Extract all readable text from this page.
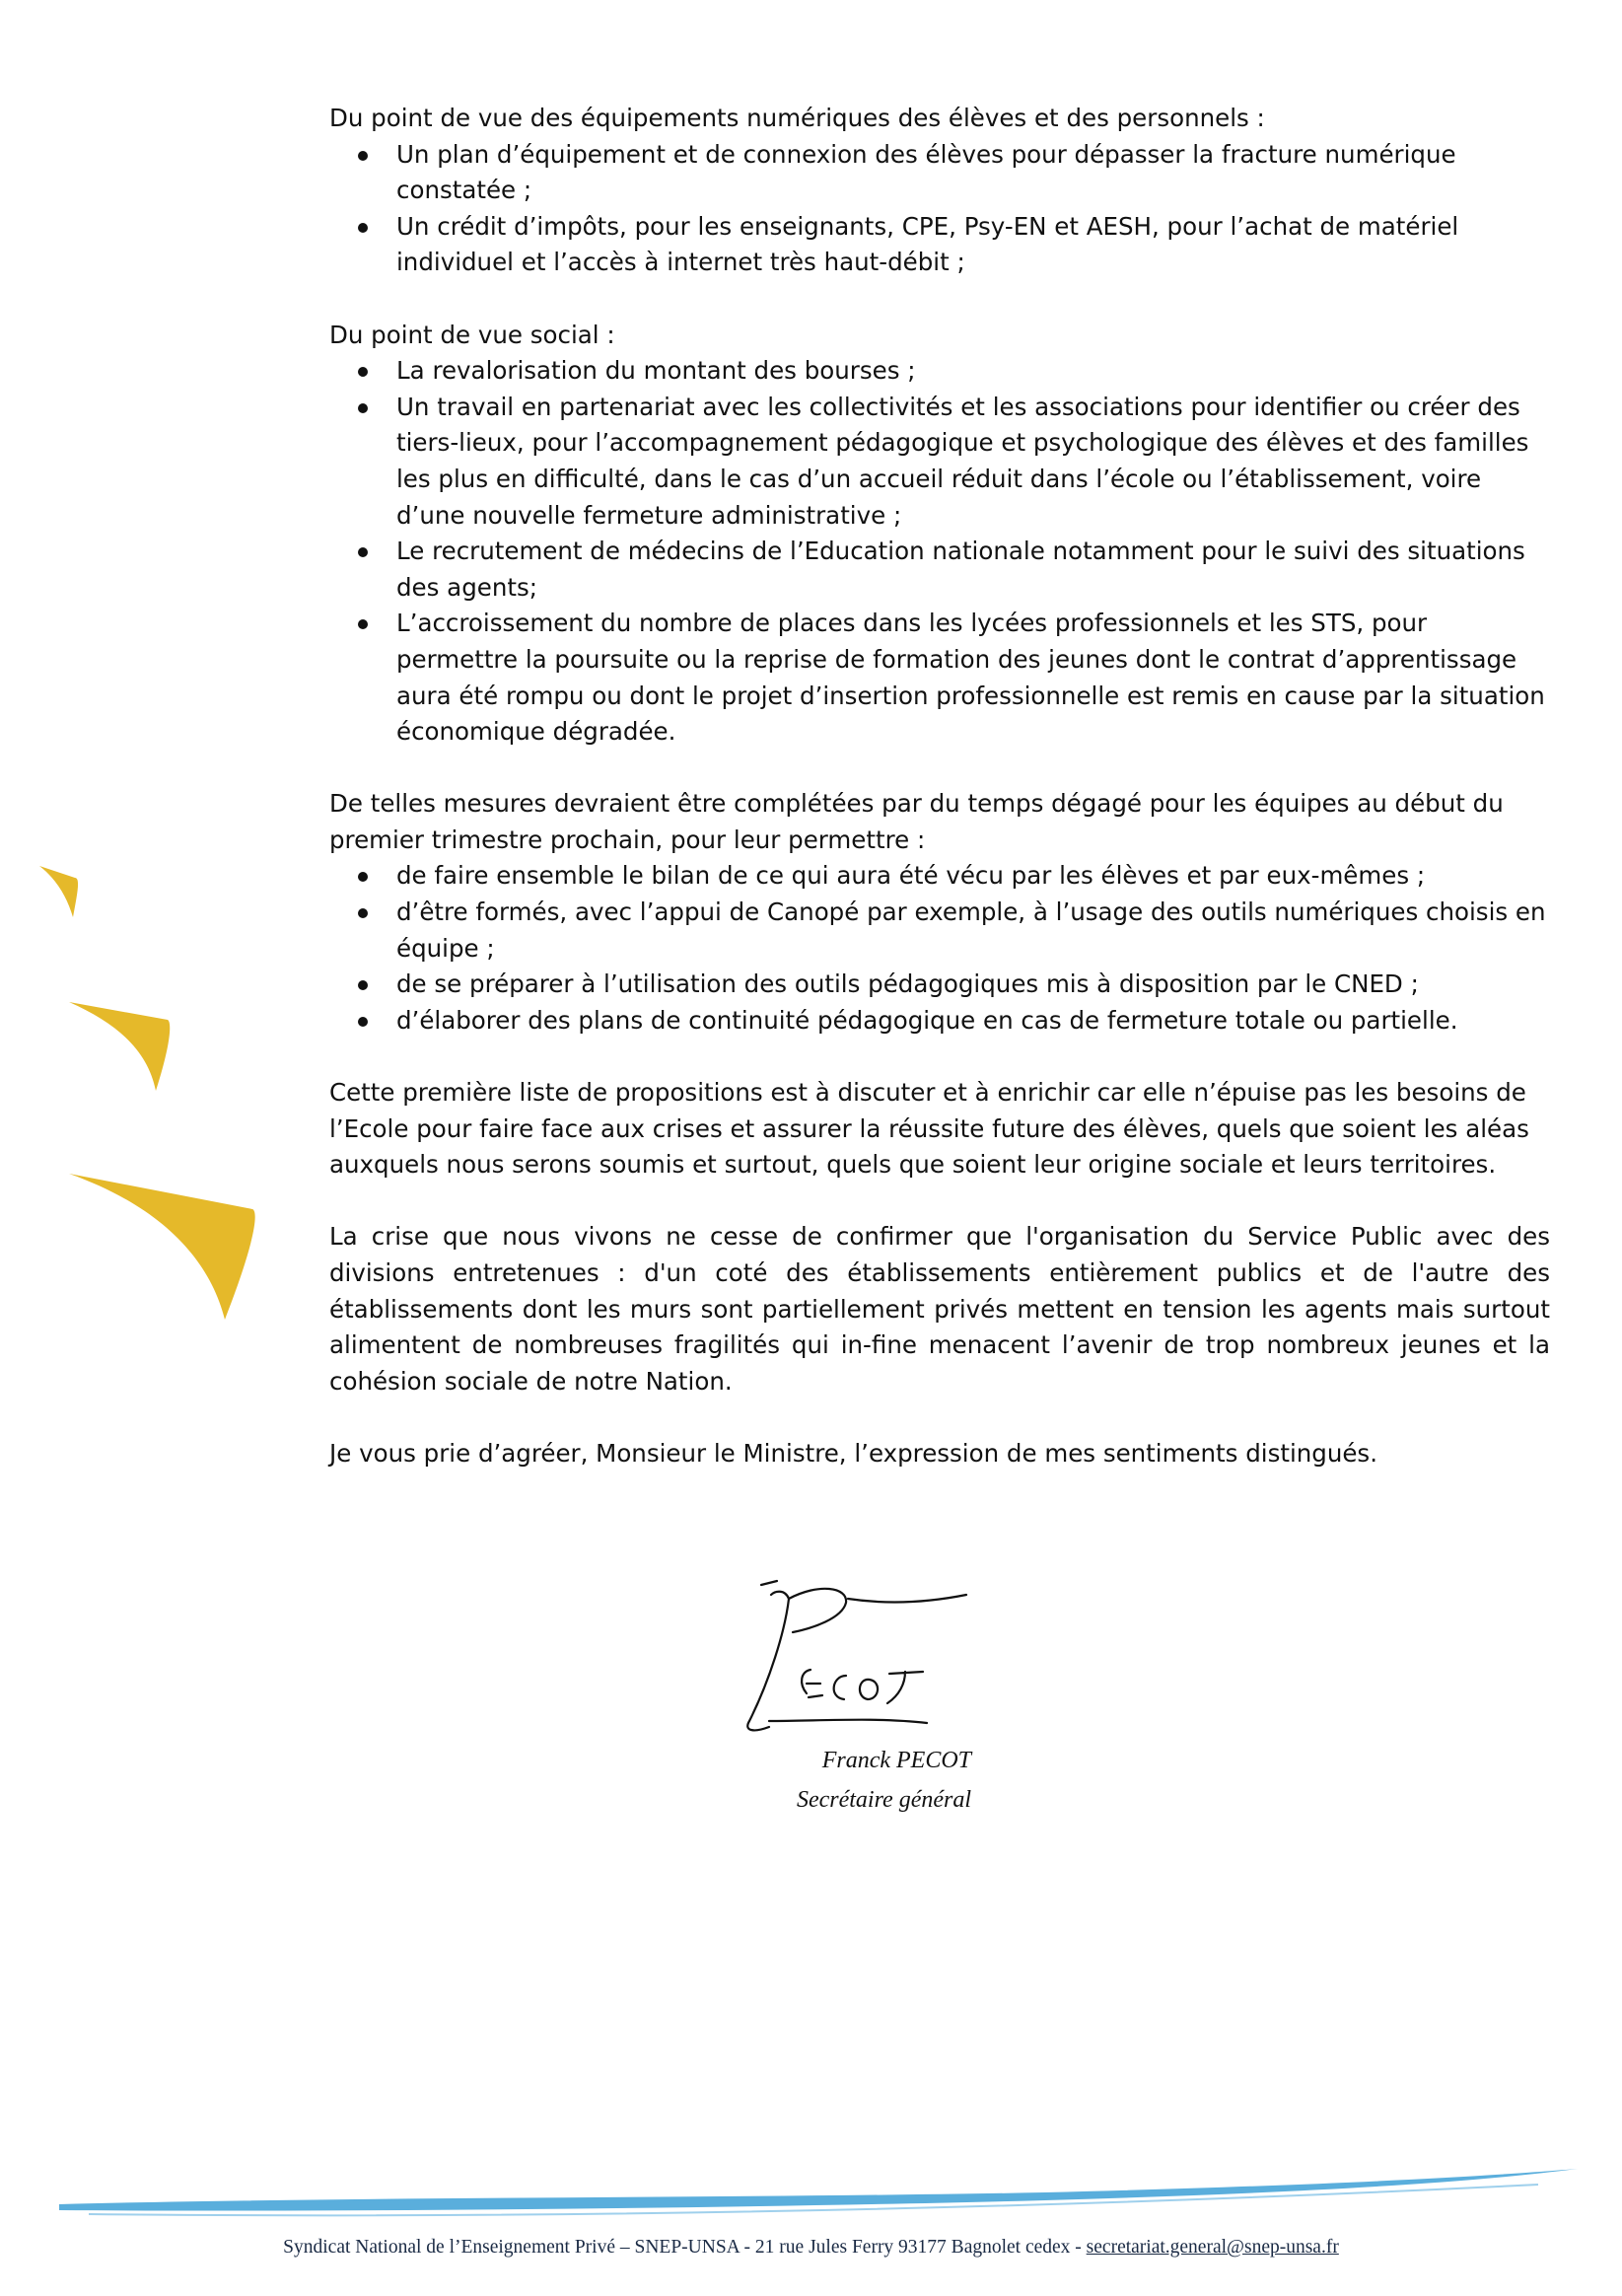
Du point de vue des équipements numériques des élèves et des personnels :

Un plan d’équipement et de connexion des élèves pour dépasser la fracture numérique constatée ;
Un crédit d’impôts, pour les enseignants, CPE, Psy-EN et AESH, pour l’achat de matériel individuel et l’accès à internet très haut-débit ;

Du point de vue social :

La revalorisation du montant des bourses ;
Un travail en partenariat avec les collectivités et les associations pour identifier ou créer des tiers-lieux, pour l’accompagnement pédagogique et psychologique des élèves et des familles les plus en difficulté, dans le cas d’un accueil réduit dans l’école ou l’établissement, voire d’une nouvelle fermeture administrative ;
Le recrutement de médecins de l’Education nationale notamment pour le suivi des situations des agents;
L’accroissement du nombre de places dans les lycées professionnels et les STS, pour permettre la poursuite ou la reprise de formation des jeunes dont le contrat d’apprentissage aura été rompu ou dont le projet d’insertion professionnelle est remis en cause par la situation économique dégradée.

De telles mesures devraient être complétées par du temps dégagé pour les équipes au début du premier trimestre prochain, pour leur permettre :

de faire ensemble le bilan de ce qui aura été vécu par les élèves et par eux-mêmes ;
d’être formés, avec l’appui de Canopé par exemple, à l’usage des outils numériques choisis en équipe ;
de se préparer à l’utilisation des outils pédagogiques mis à disposition par le CNED ;
d’élaborer des plans de continuité pédagogique en cas de fermeture totale ou partielle.

Cette première liste de propositions est à discuter et à enrichir car elle n’épuise pas les besoins de l’Ecole pour faire face aux crises et assurer la réussite future des élèves, quels que soient les aléas auxquels nous serons soumis et surtout, quels que soient leur origine sociale et leurs territoires.

La crise que nous vivons ne cesse de confirmer que l'organisation du Service Public avec des divisions entretenues : d'un coté des établissements entièrement publics et de l'autre des établissements dont les murs sont partiellement privés mettent en tension les agents mais surtout alimentent de nombreuses fragilités qui in-fine menacent l’avenir de trop nombreux jeunes et la cohésion sociale de notre Nation.

Je vous prie d’agréer, Monsieur le Ministre, l’expression de mes sentiments distingués.

Franck PECOT
Secrétaire général
Syndicat National de l’Enseignement Privé – SNEP-UNSA - 21 rue Jules Ferry 93177 Bagnolet cedex - secretariat.general@snep-unsa.fr
